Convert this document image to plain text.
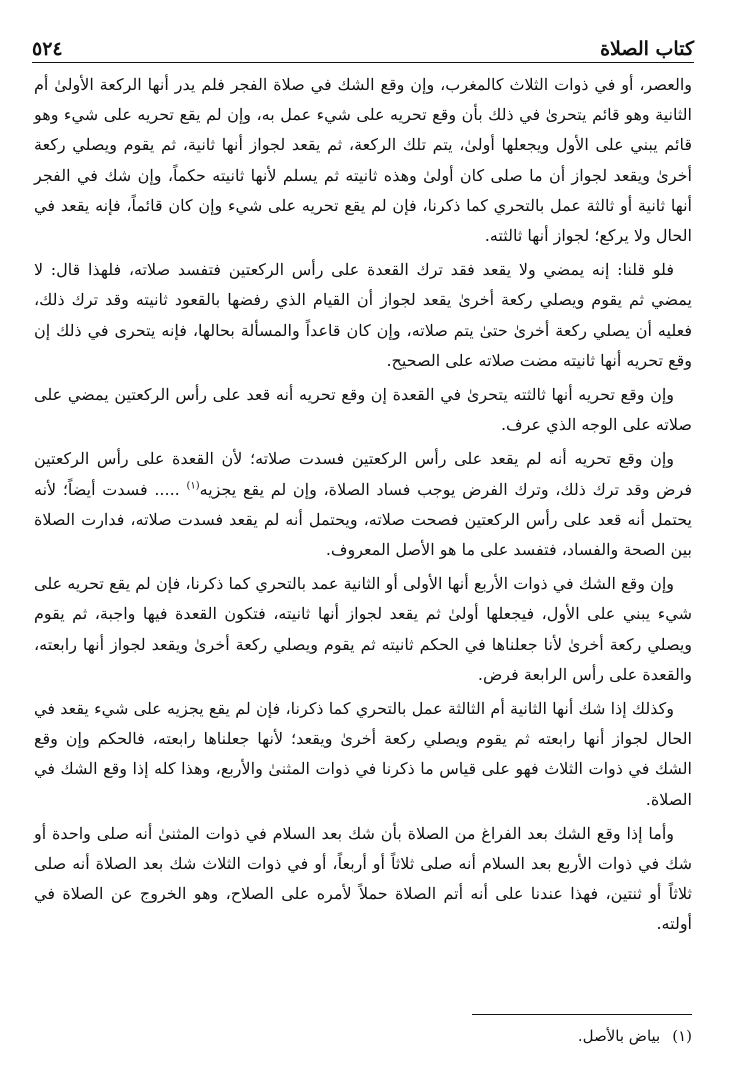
كتاب الصلاة
٥٢٤

والعصر، أو في ذوات الثلاث كالمغرب، وإن وقع الشك في صلاة الفجر فلم يدر أنها الركعة الأولىٰ أم الثانية وهو قائم يتحرىٰ في ذلك بأن وقع تحريه على شيء عمل به، وإن لم يقع تحريه على شيء وهو قائم يبني على الأول ويجعلها أولىٰ، يتم تلك الركعة، ثم يقعد لجواز أنها ثانية، ثم يقوم ويصلي ركعة أخرىٰ ويقعد لجواز أن ما صلى كان أولىٰ وهذه ثانيته ثم يسلم لأنها ثانيته حكماً، وإن شك في الفجر أنها ثانية أو ثالثة عمل بالتحري كما ذكرنا، فإن لم يقع تحريه على شيء وإن كان قائماً، فإنه يقعد في الحال ولا يركع؛ لجواز أنها ثالثته.

فلو قلنا: إنه يمضي ولا يقعد فقد ترك القعدة على رأس الركعتين فتفسد صلاته، فلهذا قال: لا يمضي ثم يقوم ويصلي ركعة أخرىٰ يقعد لجواز أن القيام الذي رفضها بالقعود ثانيته وقد ترك ذلك، فعليه أن يصلي ركعة أخرىٰ حتىٰ يتم صلاته، وإن كان قاعداً والمسألة بحالها، فإنه يتحرى في ذلك إن وقع تحريه أنها ثانيته مضت صلاته على الصحيح.

وإن وقع تحريه أنها ثالثته يتحرىٰ في القعدة إن وقع تحريه أنه قعد على رأس الركعتين يمضي على صلاته على الوجه الذي عرف.

وإن وقع تحريه أنه لم يقعد على رأس الركعتين فسدت صلاته؛ لأن القعدة على رأس الركعتين فرض وقد ترك ذلك، وترك الفرض يوجب فساد الصلاة، وإن لم يقع يجزيه$^{(١)}$ ..... فسدت أيضاً؛ لأنه يحتمل أنه قعد على رأس الركعتين فصحت صلاته، ويحتمل أنه لم يقعد فسدت صلاته، فدارت الصلاة بين الصحة والفساد، فتفسد على ما هو الأصل المعروف.

وإن وقع الشك في ذوات الأربع أنها الأولى أو الثانية عمد بالتحري كما ذكرنا، فإن لم يقع تحريه على شيء يبني على الأول، فيجعلها أولىٰ ثم يقعد لجواز أنها ثانيته، فتكون القعدة فيها واجبة، ثم يقوم ويصلي ركعة أخرىٰ لأنا جعلناها في الحكم ثانيته ثم يقوم ويصلي ركعة أخرىٰ ويقعد لجواز أنها رابعته، والقعدة على رأس الرابعة فرض.

وكذلك إذا شك أنها الثانية أم الثالثة عمل بالتحري كما ذكرنا، فإن لم يقع يجزيه على شيء يقعد في الحال لجواز أنها رابعته ثم يقوم ويصلي ركعة أخرىٰ ويقعد؛ لأنها جعلناها رابعته، فالحكم وإن وقع الشك في ذوات الثلاث فهو على قياس ما ذكرنا في ذوات المثنىٰ والأربع، وهذا كله إذا وقع الشك في الصلاة.

وأما إذا وقع الشك بعد الفراغ من الصلاة بأن شك بعد السلام في ذوات المثنىٰ أنه صلى واحدة أو شك في ذوات الأربع بعد السلام أنه صلى ثلاثاً أو أربعاً، أو في ذوات الثلاث شك بعد الصلاة أنه صلى ثلاثاً أو ثنتين، فهذا عندنا على أنه أتم الصلاة حملاً لأمره على الصلاح، وهو الخروج عن الصلاة في أولته.

(١)
بياض بالأصل.
